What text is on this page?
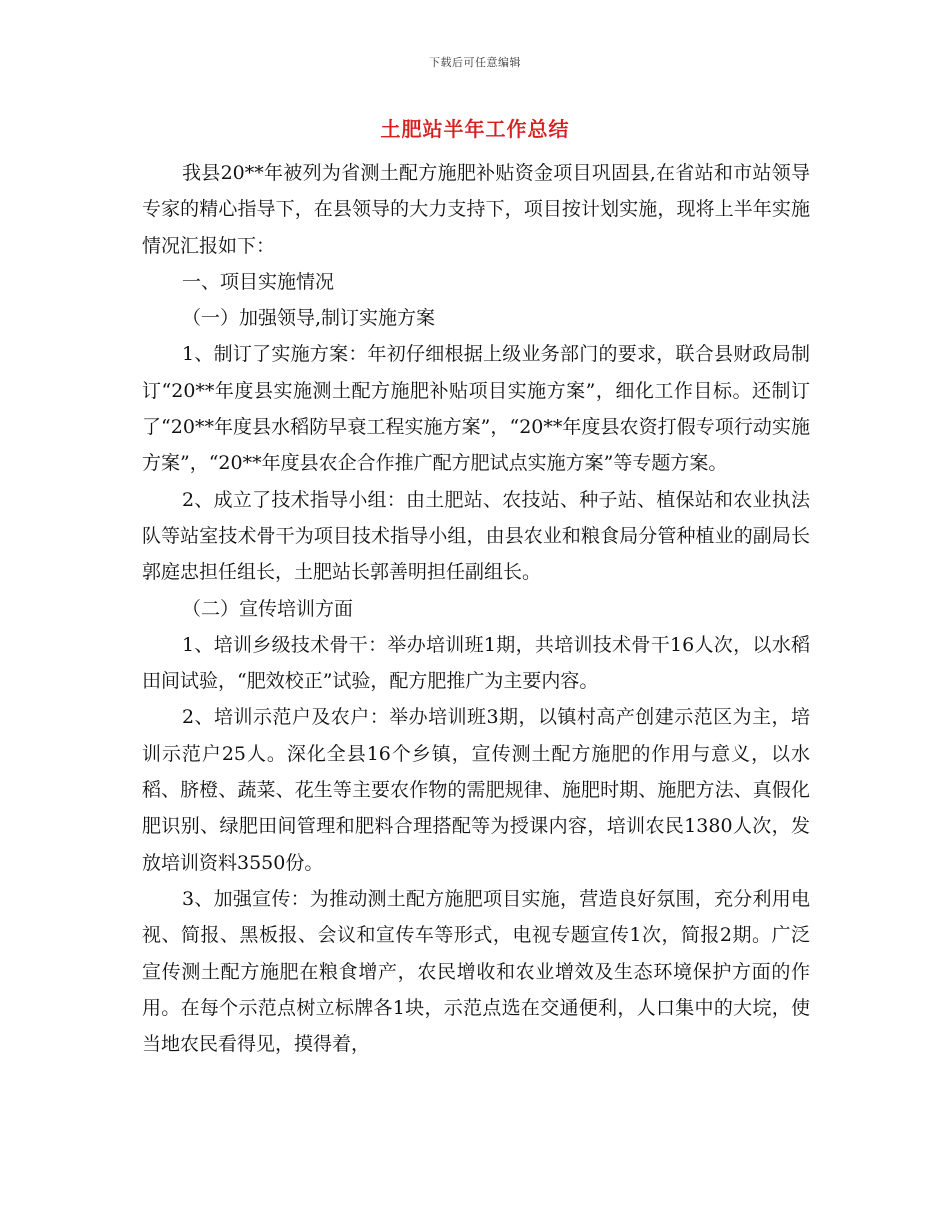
下载后可任意编辑
土肥站半年工作总结

我县20**年被列为省测土配方施肥补贴资金项目巩固县,在省站和市站领导专家的精心指导下，在县领导的大力支持下，项目按计划实施，现将上半年实施情况汇报如下：

一、项目实施情况

（一）加强领导,制订实施方案

1、制订了实施方案：年初仔细根据上级业务部门的要求，联合县财政局制订“20**年度县实施测土配方施肥补贴项目实施方案”，细化工作目标。还制订了“20**年度县水稻防早衰工程实施方案”，“20**年度县农资打假专项行动实施方案”，“20**年度县农企合作推广配方肥试点实施方案”等专题方案。

2、成立了技术指导小组：由土肥站、农技站、种子站、植保站和农业执法队等站室技术骨干为项目技术指导小组，由县农业和粮食局分管种植业的副局长郭庭忠担任组长，土肥站长郭善明担任副组长。

（二）宣传培训方面

1、培训乡级技术骨干：举办培训班1期，共培训技术骨干16人次，以水稻田间试验，“肥效校正”试验，配方肥推广为主要内容。

2、培训示范户及农户：举办培训班3期，以镇村高产创建示范区为主，培训示范户25人。深化全县16个乡镇，宣传测土配方施肥的作用与意义，以水稻、脐橙、蔬菜、花生等主要农作物的需肥规律、施肥时期、施肥方法、真假化肥识别、绿肥田间管理和肥料合理搭配等为授课内容，培训农民1380人次，发放培训资料3550份。

3、加强宣传：为推动测土配方施肥项目实施，营造良好氛围，充分利用电视、简报、黑板报、会议和宣传车等形式，电视专题宣传1次，简报2期。广泛宣传测土配方施肥在粮食增产，农民增收和农业增效及生态环境保护方面的作用。在每个示范点树立标牌各1块，示范点选在交通便利，人口集中的大垸，使当地农民看得见，摸得着，
